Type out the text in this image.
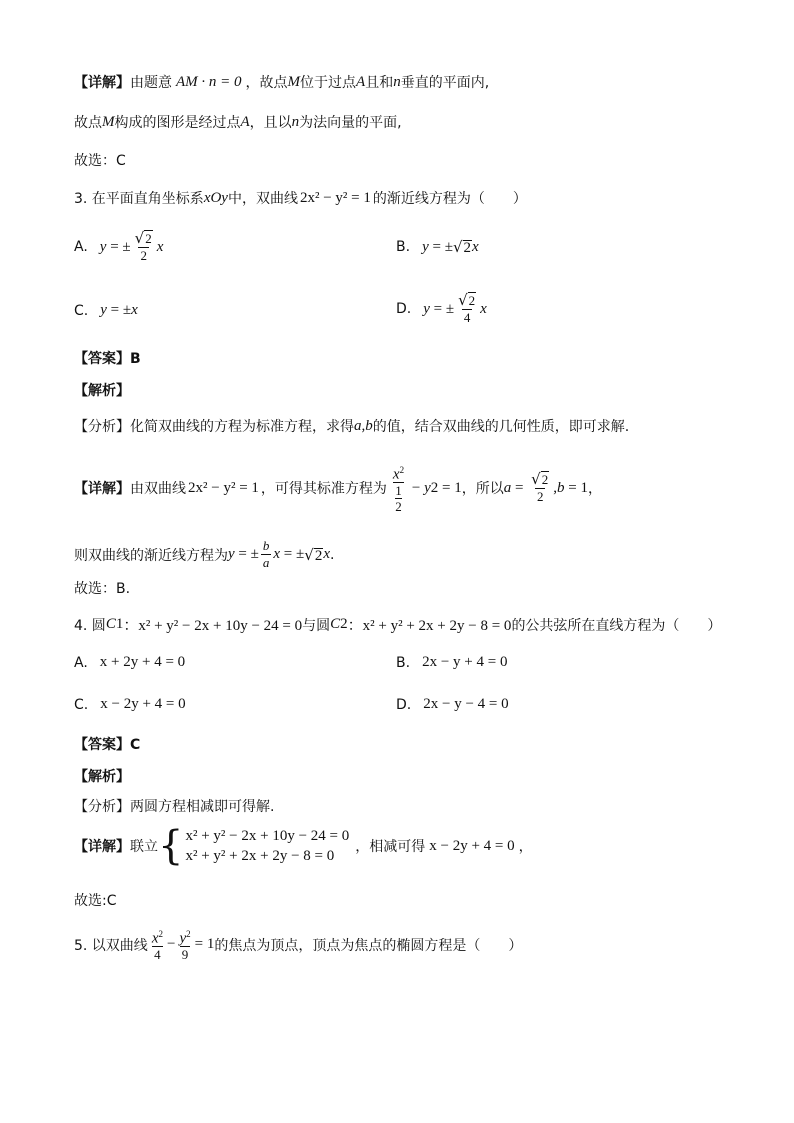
【详解】 由题意 AM · n = 0 ，故点 M 位于过点 A 且和 n 垂直的平面内,
故点 M 构成的图形是经过点 A ，且以 n 为法向量的平面,
故选：C
3. 在平面直角坐标系 xOy 中，双曲线 2x² − y² = 1 的渐近线方程为（　　）
A. y = ± $\frac{√ 2}{2}$ x	B. y = ± √ 2 x
C. y = ± x	D. y = ± $\frac{√ 2}{4}$ x
【答案】B
【解析】
【分析】化简双曲线的方程为标准方程，求得 a,b 的值，结合双曲线的几何性质，即可求解.
【详解】 由双曲线 2x² − y² = 1 ，可得其标准方程为 $x^2$
1
2 − y 2 = 1 ，所以 $a = \frac{√ 2}{2}$ , b = 1 ，
则双曲线的渐近线方程为 y = ± $\frac{b}{a}$ x = ± √ 2 x .
故选：B.
4. 圆 C 1 ：x² + y² − 2x + 10y − 24 = 0 与圆 C 2 ：x² + y² + 2x + 2y − 8 = 0 的公共弦所在直线方程为（　　）
A. x + 2y + 4 = 0	B. 2x − y + 4 = 0
C. x − 2y + 4 = 0	D. 2x − y − 4 = 0
【答案】C
【解析】
【分析】两圆方程相减即可得解.
【详解】 联立 { x² + y² − 2x + 10y − 24 = 0
x² + y² + 2x + 2y − 8 = 0
，相减可得 x − 2y + 4 = 0 ，
故选:C
5. 以双曲线 $\frac{x^2}{4} - \frac{y^2}{9} = 1$ 的焦点为顶点，顶点为焦点的椭圆方程是（　　）
